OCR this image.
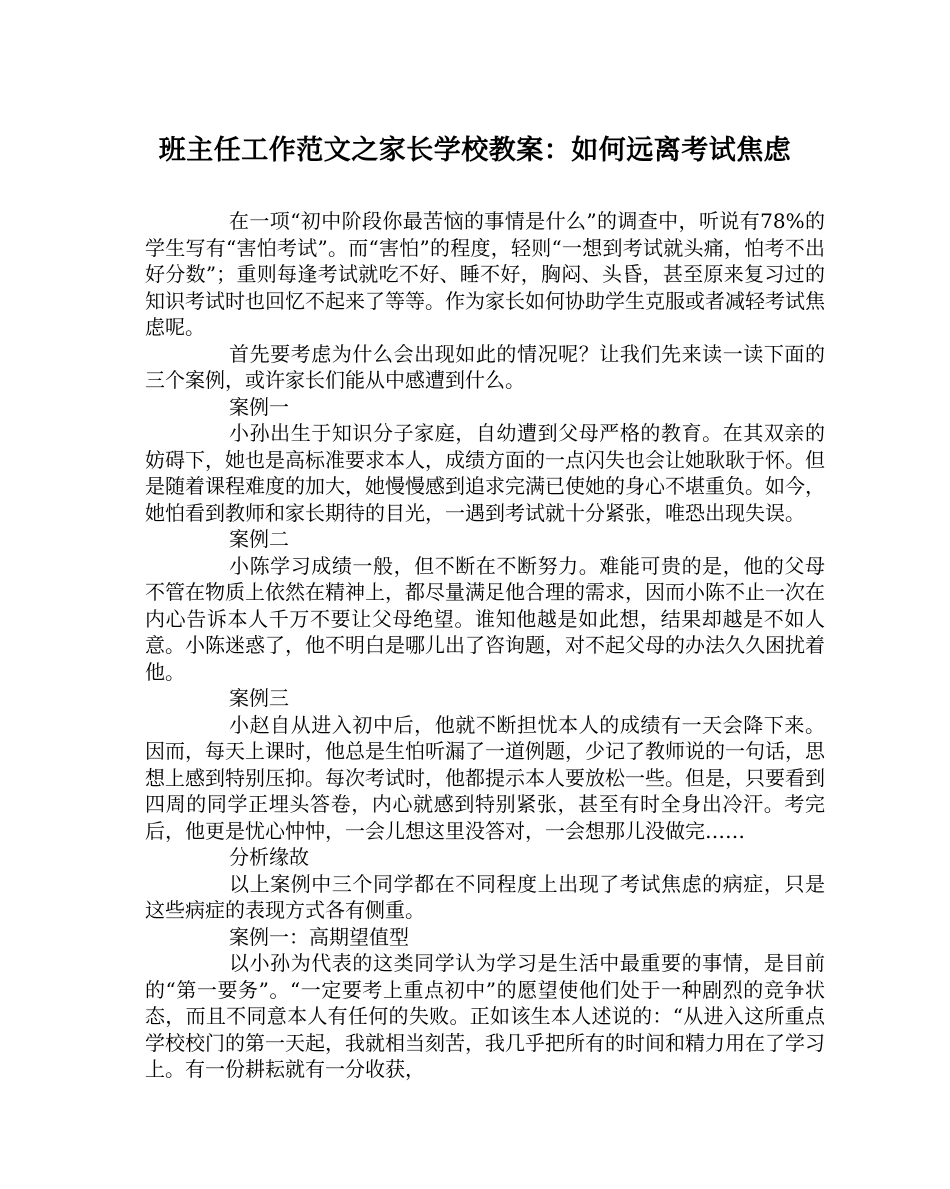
班主任工作范文之家长学校教案：如何远离考试焦虑

在一项“初中阶段你最苦恼的事情是什么”的调查中，听说有78%的学生写有“害怕考试”。而“害怕”的程度，轻则“一想到考试就头痛，怕考不出好分数”；重则每逢考试就吃不好、睡不好，胸闷、头昏，甚至原来复习过的知识考试时也回忆不起来了等等。作为家长如何协助学生克服或者减轻考试焦虑呢。

首先要考虑为什么会出现如此的情况呢？让我们先来读一读下面的三个案例，或许家长们能从中感遭到什么。

案例一

小孙出生于知识分子家庭，自幼遭到父母严格的教育。在其双亲的妨碍下，她也是高标准要求本人，成绩方面的一点闪失也会让她耿耿于怀。但是随着课程难度的加大，她慢慢感到追求完满已使她的身心不堪重负。如今，她怕看到教师和家长期待的目光，一遇到考试就十分紧张，唯恐出现失误。

案例二

小陈学习成绩一般，但不断在不断努力。难能可贵的是，他的父母不管在物质上依然在精神上，都尽量满足他合理的需求，因而小陈不止一次在内心告诉本人千万不要让父母绝望。谁知他越是如此想，结果却越是不如人意。小陈迷惑了，他不明白是哪儿出了咨询题，对不起父母的办法久久困扰着他。

案例三

小赵自从进入初中后，他就不断担忧本人的成绩有一天会降下来。因而，每天上课时，他总是生怕听漏了一道例题，少记了教师说的一句话，思想上感到特别压抑。每次考试时，他都提示本人要放松一些。但是，只要看到四周的同学正埋头答卷，内心就感到特别紧张，甚至有时全身出冷汗。考完后，他更是忧心忡忡，一会儿想这里没答对，一会想那儿没做完……

分析缘故

以上案例中三个同学都在不同程度上出现了考试焦虑的病症，只是这些病症的表现方式各有侧重。

案例一：高期望值型

以小孙为代表的这类同学认为学习是生活中最重要的事情，是目前的“第一要务”。“一定要考上重点初中”的愿望使他们处于一种剧烈的竞争状态，而且不同意本人有任何的失败。正如该生本人述说的：“从进入这所重点学校校门的第一天起，我就相当刻苦，我几乎把所有的时间和精力用在了学习上。有一份耕耘就有一分收获，
